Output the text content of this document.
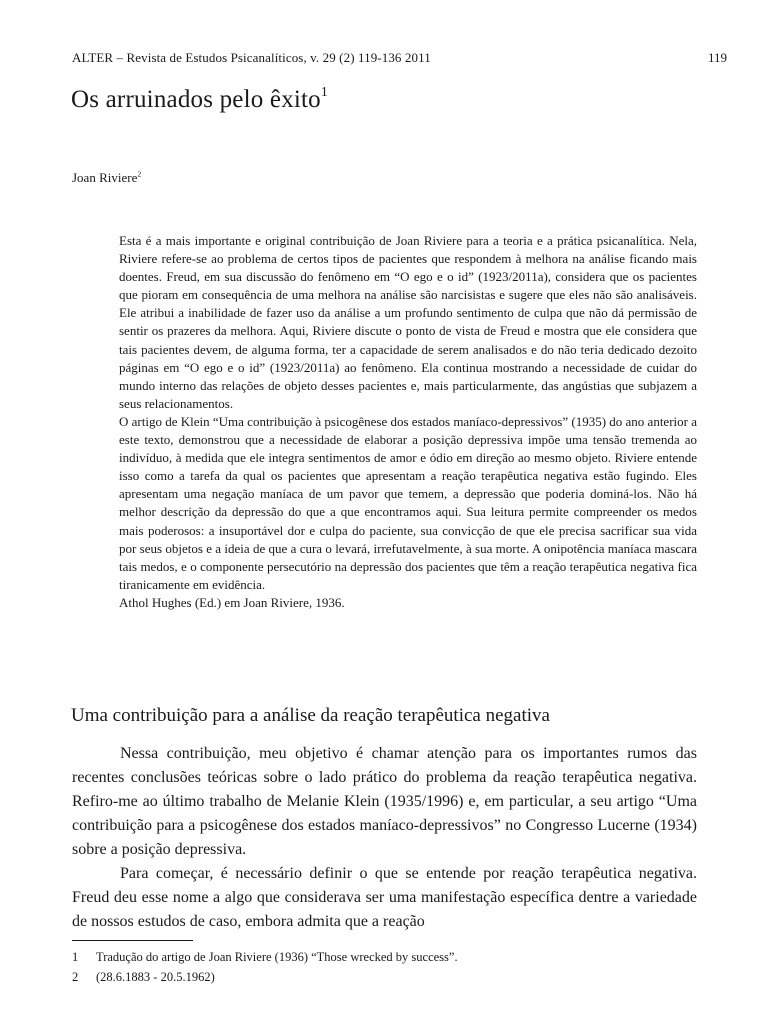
ALTER – Revista de Estudos Psicanalíticos, v. 29 (2) 119-136 2011	119
Os arruinados pelo êxito$^1$
Joan Riviere$^2$

Esta é a mais importante e original contribuição de Joan Riviere para a teoria e a prática psicanalítica. Nela, Riviere refere-se ao problema de certos tipos de pacientes que respondem à melhora na análise ficando mais doentes. Freud, em sua discussão do fenômeno em “O ego e o id” (1923/2011a), considera que os pacientes que pioram em consequência de uma melhora na análise são narcisistas e sugere que eles não são analisáveis. Ele atribui a inabilidade de fazer uso da análise a um profundo sentimento de culpa que não dá permissão de sentir os prazeres da melhora. Aqui, Riviere discute o ponto de vista de Freud e mostra que ele considera que tais pacientes devem, de alguma forma, ter a capacidade de serem analisados e do não teria dedicado dezoito páginas em “O ego e o id” (1923/2011a) ao fenômeno. Ela continua mostrando a necessidade de cuidar do mundo interno das relações de objeto desses pacientes e, mais particularmente, das angústias que subjazem a seus relacionamentos.

O artigo de Klein “Uma contribuição à psicogênese dos estados maníaco-depressivos” (1935) do ano anterior a este texto, demonstrou que a necessidade de elaborar a posição depressiva impõe uma tensão tremenda ao indivíduo, à medida que ele integra sentimentos de amor e ódio em direção ao mesmo objeto. Riviere entende isso como a tarefa da qual os pacientes que apresentam a reação terapêutica negativa estão fugindo. Eles apresentam uma negação maníaca de um pavor que temem, a depressão que poderia dominá-los. Não há melhor descrição da depressão do que a que encontramos aqui. Sua leitura permite compreender os medos mais poderosos: a insuportável dor e culpa do paciente, sua convicção de que ele precisa sacrificar sua vida por seus objetos e a ideia de que a cura o levará, irrefutavelmente, à sua morte. A onipotência maníaca mascara tais medos, e o componente persecutório na depressão dos pacientes que têm a reação terapêutica negativa fica tiranicamente em evidência.

Athol Hughes (Ed.) em Joan Riviere, 1936.

Uma contribuição para a análise da reação terapêutica negativa

Nessa contribuição, meu objetivo é chamar atenção para os importantes rumos das recentes conclusões teóricas sobre o lado prático do problema da reação terapêutica negativa. Refiro-me ao último trabalho de Melanie Klein (1935/1996) e, em particular, a seu artigo “Uma contribuição para a psicogênese dos estados maníaco-depressivos” no Congresso Lucerne (1934) sobre a posição depressiva.

Para começar, é necessário definir o que se entende por reação terapêutica negativa. Freud deu esse nome a algo que considerava ser uma manifestação específica dentre a variedade de nossos estudos de caso, embora admita que a reação

1	Tradução do artigo de Joan Riviere (1936) “Those wrecked by success”.
2	(28.6.1883 - 20.5.1962)
